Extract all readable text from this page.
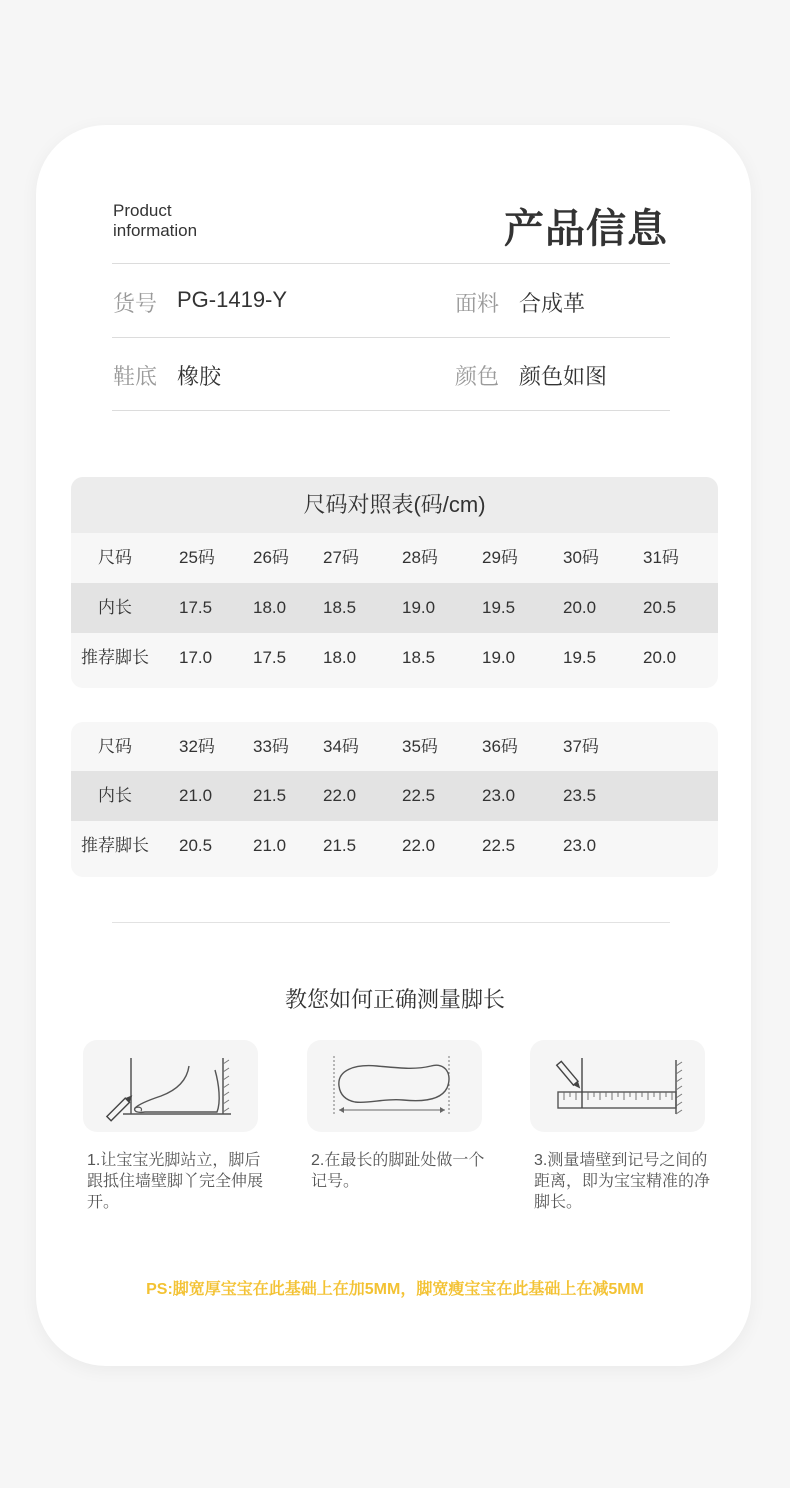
Product
information	产品信息
货号 PG-1419-Y	面料 合成革
鞋底 橡胶	颜色 颜色如图
尺码对照表(码/cm)
尺码	25码 26码 27码	28码	29码	30码	31码
内长	17.5 18.0 18.5	19.0	19.5	20.0	20.5
推荐脚长	17.0 17.5 18.0	18.5	19.0	19.5	20.0
尺码	32码 33码 34码	35码	36码	37码
内长	21.0 21.5 22.0	22.5	23.0	23.5
推荐脚长	20.5 21.0 21.5	22.0	22.5	23.0
教您如何正确测量脚长
1.让宝宝光脚站立，脚后跟抵住墙壁脚丫完全伸展开。
2.在最长的脚趾处做一个记号。
3.测量墙壁到记号之间的距离，即为宝宝精准的净脚长。
PS:脚宽厚宝宝在此基础上在加5MM，脚宽瘦宝宝在此基础上在减5MM
